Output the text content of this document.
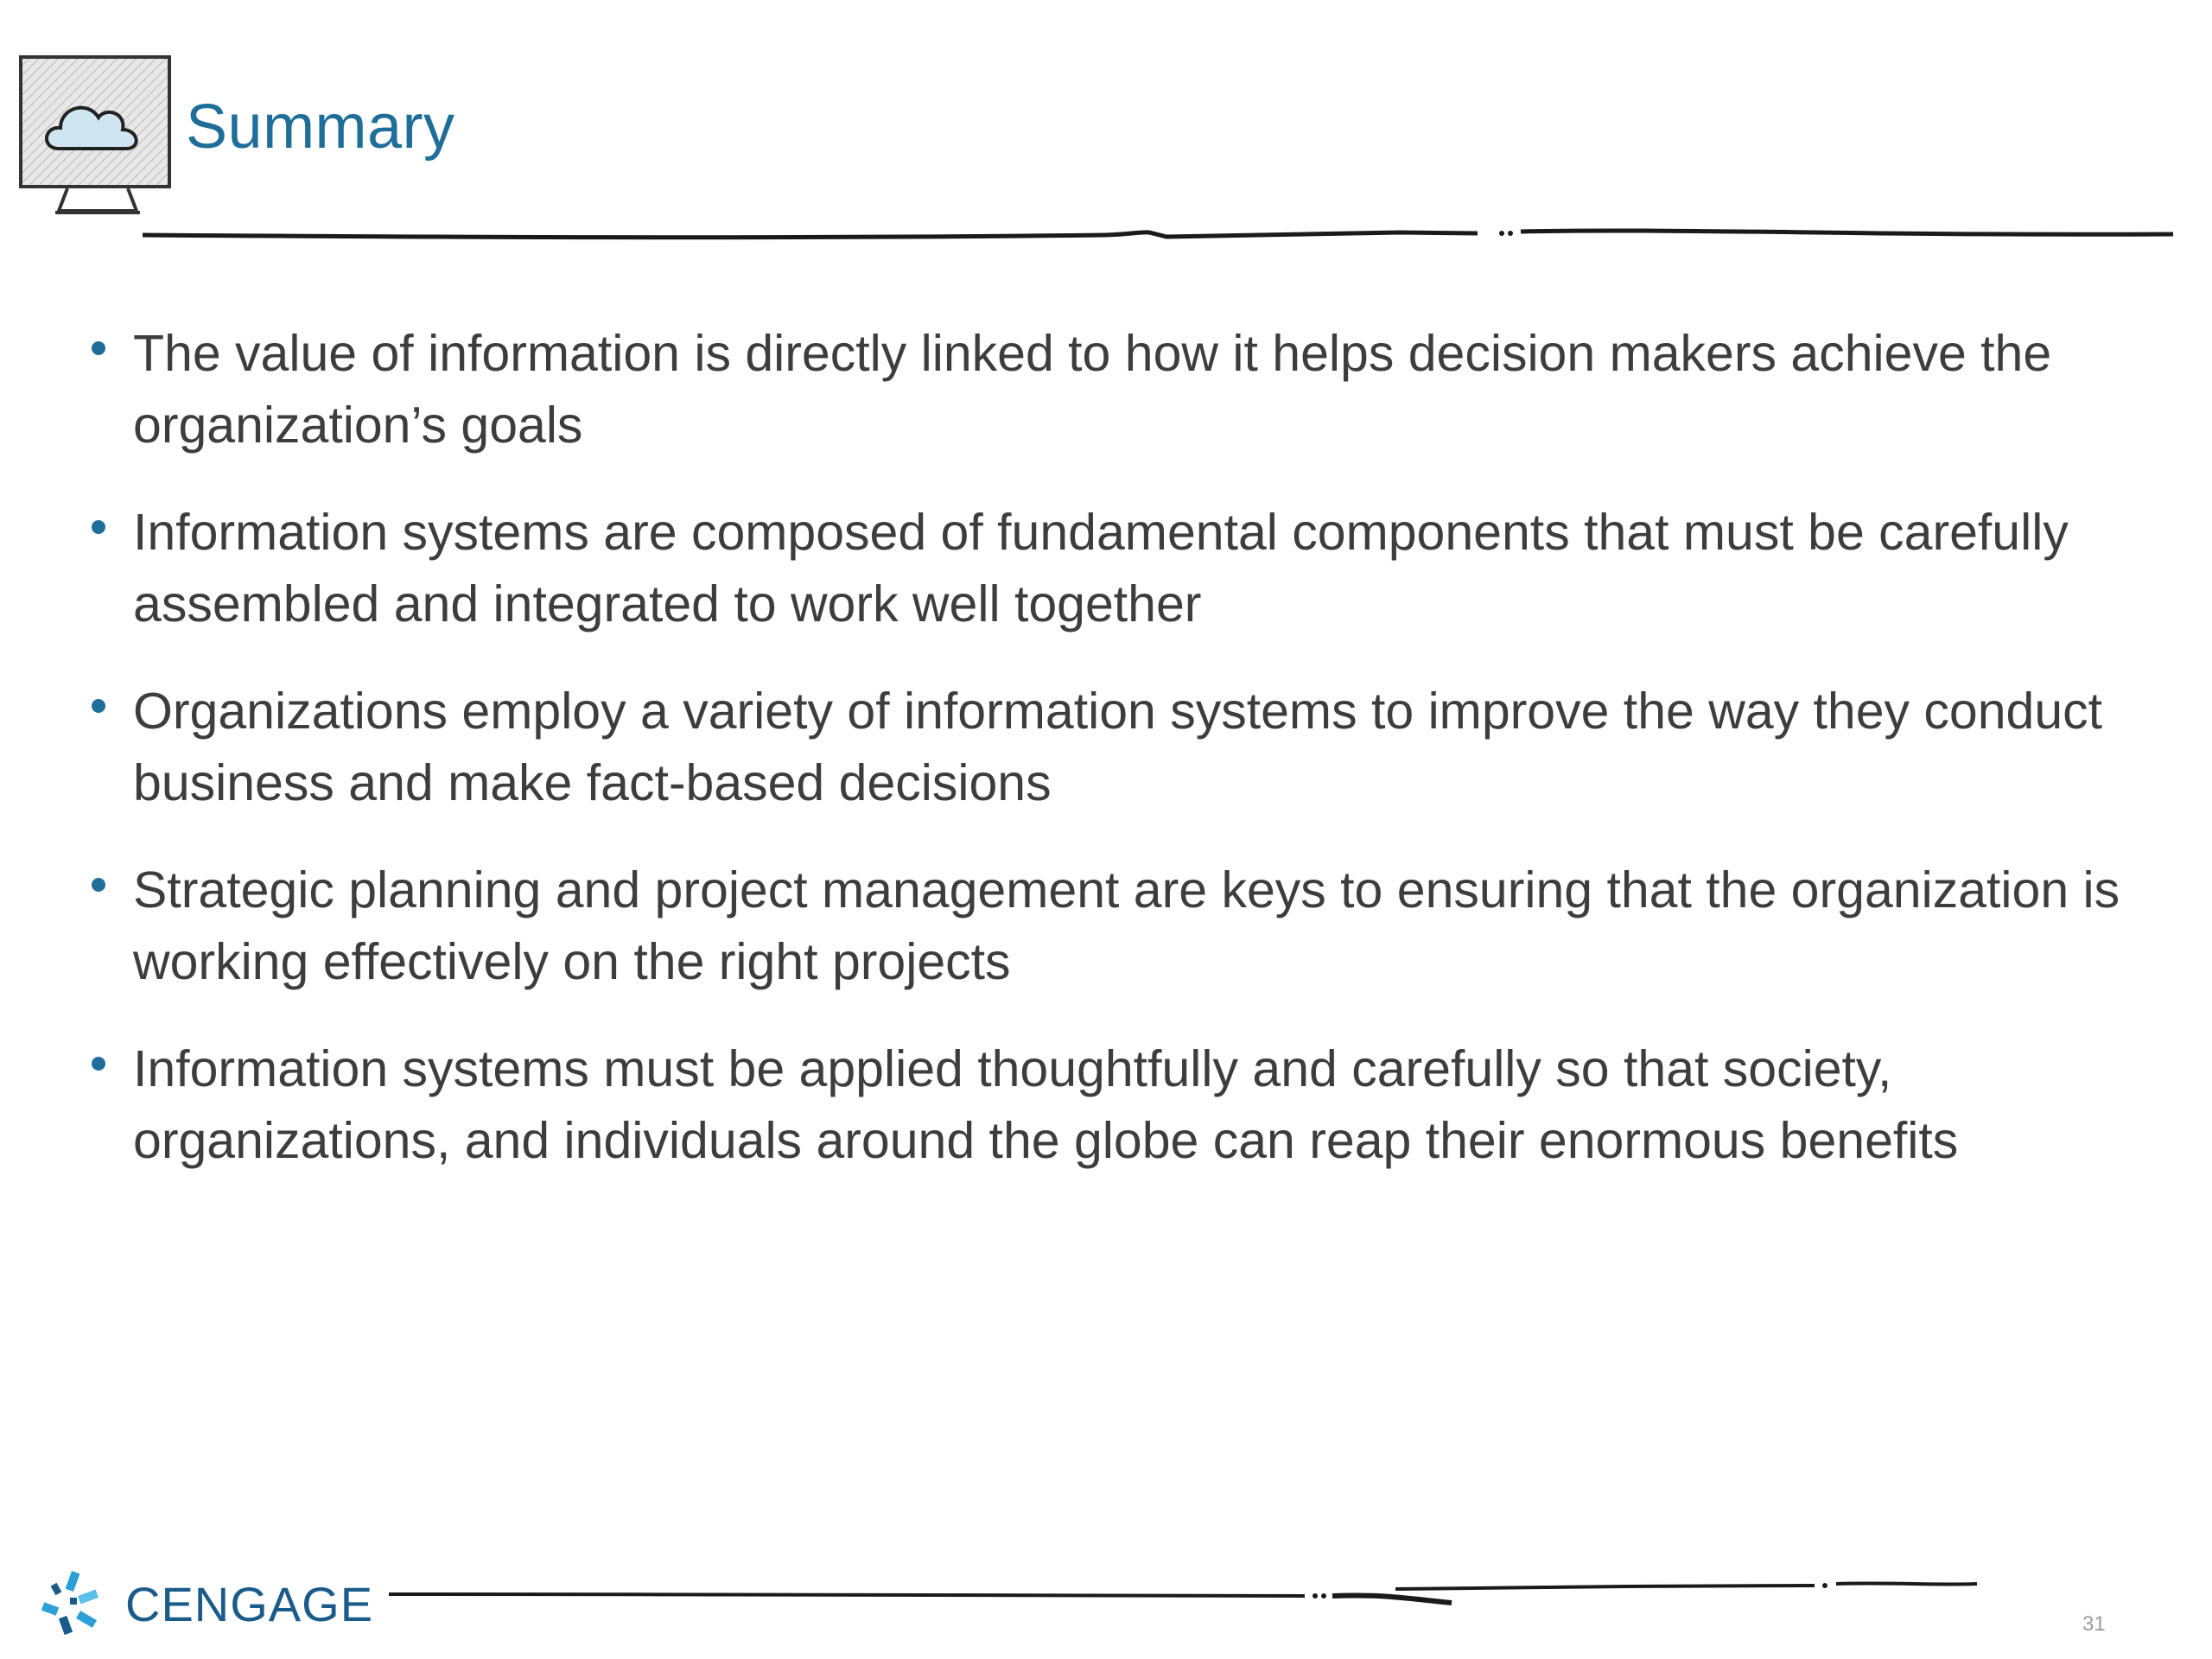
Summary
The value of information is directly linked to how it helps decision makers achieve the organization’s goals
Information systems are composed of fundamental components that must be carefully assembled and integrated to work well together
Organizations employ a variety of information systems to improve the way they conduct business and make fact-based decisions
Strategic planning and project management are keys to ensuring that the organization is working effectively on the right projects
Information systems must be applied thoughtfully and carefully so that society, organizations, and individuals around the globe can reap their enormous benefits
CENGAGE	31
